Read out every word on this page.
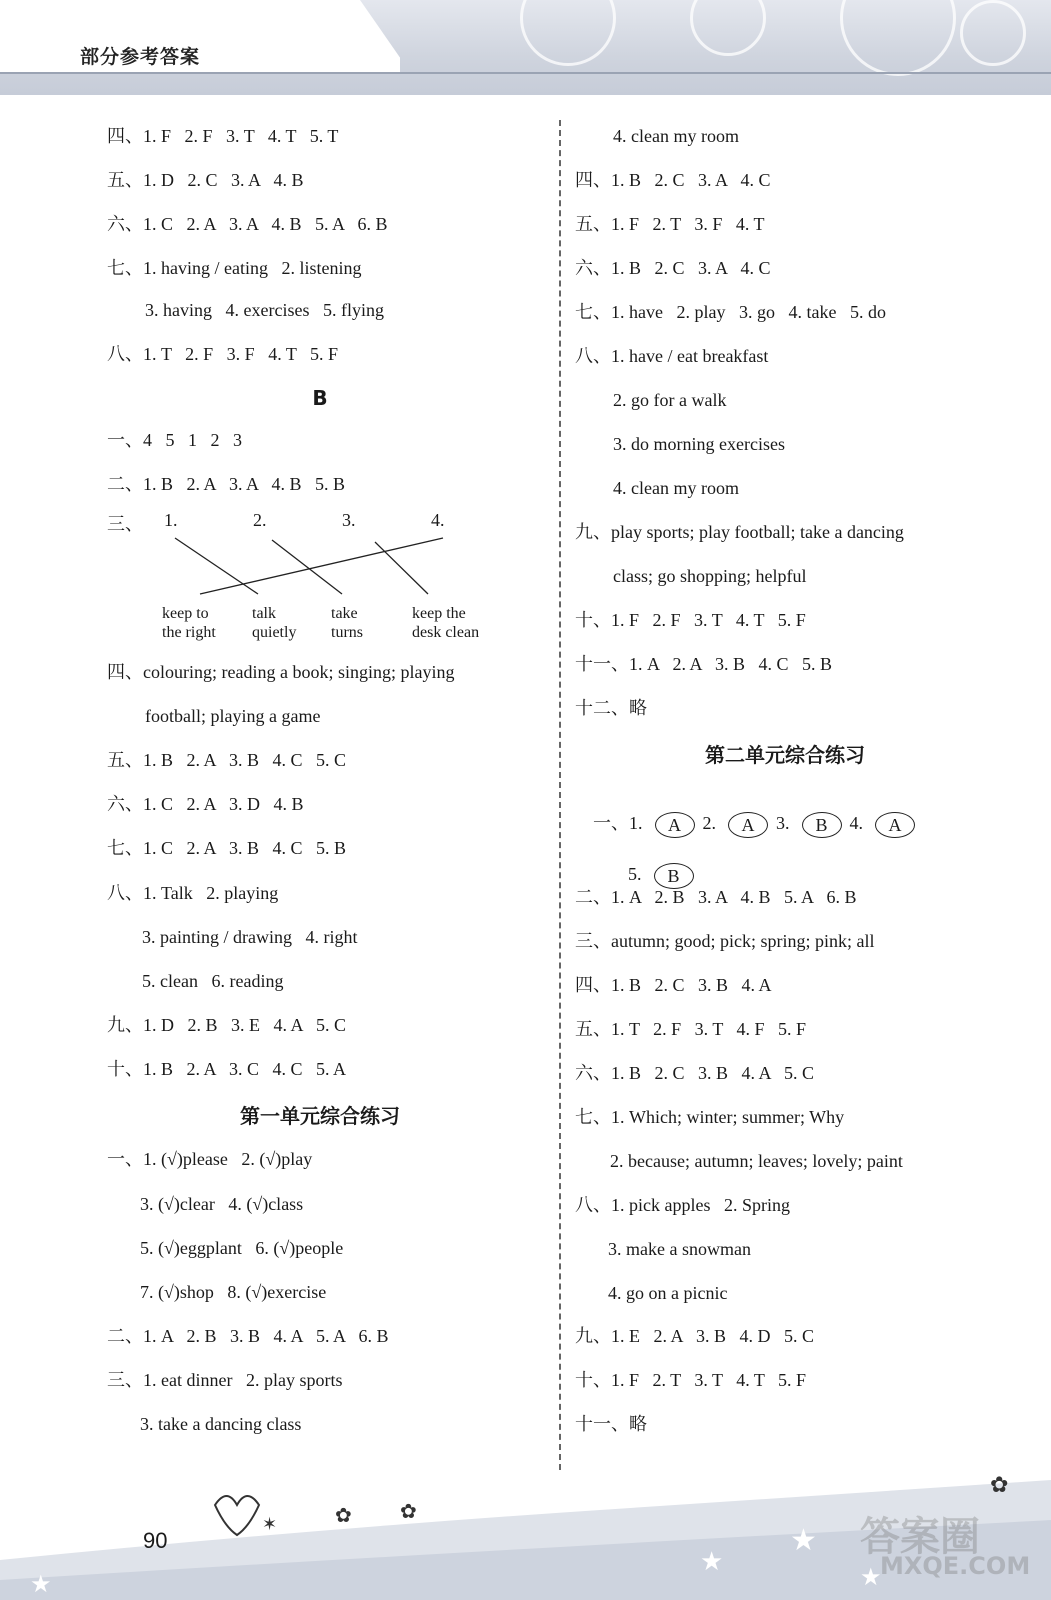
部分参考答案
四、1. F   2. F   3. T   4. T   5. T
五、1. D   2. C   3. A   4. B
六、1. C   2. A   3. A   4. B   5. A   6. B
七、1. having / eating   2. listening
3. having   4. exercises   5. flying
八、1. T   2. F   3. F   4. T   5. F
B
一、4   5   1   2   3
二、1. B   2. A   3. A   4. B   5. B
三、 1.	2.	3.	4.
keep to
the right
talk
quietly
take
turns
keep the
desk clean
四、colouring; reading a book; singing; playing
football; playing a game
五、1. B   2. A   3. B   4. C   5. C
六、1. C   2. A   3. D   4. B
七、1. C   2. A   3. B   4. C   5. B
八、1. Talk   2. playing
3. painting / drawing   4. right
5. clean   6. reading
九、1. D   2. B   3. E   4. A   5. C
十、1. B   2. A   3. C   4. C   5. A
第一单元综合练习
一、1. (√)please   2. (√)play
3. (√)clear   4. (√)class
5. (√)eggplant   6. (√)people
7. (√)shop   8. (√)exercise
二、1. A   2. B   3. B   4. A   5. A   6. B
三、1. eat dinner   2. play sports
3. take a dancing class
4. clean my room
四、1. B   2. C   3. A   4. C
五、1. F   2. T   3. F   4. T
六、1. B   2. C   3. A   4. C
七、1. have   2. play   3. go   4. take   5. do
八、1. have / eat breakfast
2. go for a walk
3. do morning exercises
4. clean my room
九、play sports; play football; take a dancing
class; go shopping; helpful
十、1. F   2. F   3. T   4. T   5. F
十一、1. A   2. A   3. B   4. C   5. B
十二、略
第二单元综合练习

一、1. A 2. A 3. B 4. A

5. B

二、1. A   2. B   3. A   4. B   5. A   6. B
三、autumn; good; pick; spring; pink; all
四、1. B   2. C   3. B   4. A
五、1. T   2. F   3. T   4. F   5. F
六、1. B   2. C   3. B   4. A   5. C
七、1. Which; winter; summer; Why
2. because; autumn; leaves; lovely; paint
八、1. pick apples   2. Spring
3. make a snowman
4. go on a picnic
九、1. E   2. A   3. B   4. D   5. C
十、1. F   2. T   3. T   4. T   5. F
十一、略
✶	✿ ✿
✿
★
★
★
★
90	答案圈
MXQE.COM
